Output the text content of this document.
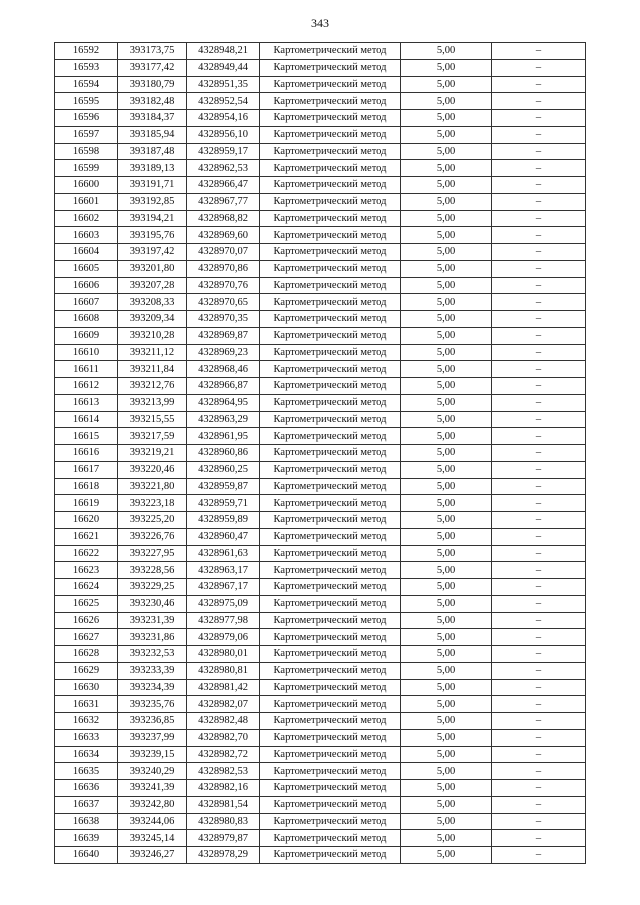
343
16592	393173,75	4328948,21	Картометрический метод	5,00	–
16593	393177,42	4328949,44	Картометрический метод	5,00	–
16594	393180,79	4328951,35	Картометрический метод	5,00	–
16595	393182,48	4328952,54	Картометрический метод	5,00	–
16596	393184,37	4328954,16	Картометрический метод	5,00	–
16597	393185,94	4328956,10	Картометрический метод	5,00	–
16598	393187,48	4328959,17	Картометрический метод	5,00	–
16599	393189,13	4328962,53	Картометрический метод	5,00	–
16600	393191,71	4328966,47	Картометрический метод	5,00	–
16601	393192,85	4328967,77	Картометрический метод	5,00	–
16602	393194,21	4328968,82	Картометрический метод	5,00	–
16603	393195,76	4328969,60	Картометрический метод	5,00	–
16604	393197,42	4328970,07	Картометрический метод	5,00	–
16605	393201,80	4328970,86	Картометрический метод	5,00	–
16606	393207,28	4328970,76	Картометрический метод	5,00	–
16607	393208,33	4328970,65	Картометрический метод	5,00	–
16608	393209,34	4328970,35	Картометрический метод	5,00	–
16609	393210,28	4328969,87	Картометрический метод	5,00	–
16610	393211,12	4328969,23	Картометрический метод	5,00	–
16611	393211,84	4328968,46	Картометрический метод	5,00	–
16612	393212,76	4328966,87	Картометрический метод	5,00	–
16613	393213,99	4328964,95	Картометрический метод	5,00	–
16614	393215,55	4328963,29	Картометрический метод	5,00	–
16615	393217,59	4328961,95	Картометрический метод	5,00	–
16616	393219,21	4328960,86	Картометрический метод	5,00	–
16617	393220,46	4328960,25	Картометрический метод	5,00	–
16618	393221,80	4328959,87	Картометрический метод	5,00	–
16619	393223,18	4328959,71	Картометрический метод	5,00	–
16620	393225,20	4328959,89	Картометрический метод	5,00	–
16621	393226,76	4328960,47	Картометрический метод	5,00	–
16622	393227,95	4328961,63	Картометрический метод	5,00	–
16623	393228,56	4328963,17	Картометрический метод	5,00	–
16624	393229,25	4328967,17	Картометрический метод	5,00	–
16625	393230,46	4328975,09	Картометрический метод	5,00	–
16626	393231,39	4328977,98	Картометрический метод	5,00	–
16627	393231,86	4328979,06	Картометрический метод	5,00	–
16628	393232,53	4328980,01	Картометрический метод	5,00	–
16629	393233,39	4328980,81	Картометрический метод	5,00	–
16630	393234,39	4328981,42	Картометрический метод	5,00	–
16631	393235,76	4328982,07	Картометрический метод	5,00	–
16632	393236,85	4328982,48	Картометрический метод	5,00	–
16633	393237,99	4328982,70	Картометрический метод	5,00	–
16634	393239,15	4328982,72	Картометрический метод	5,00	–
16635	393240,29	4328982,53	Картометрический метод	5,00	–
16636	393241,39	4328982,16	Картометрический метод	5,00	–
16637	393242,80	4328981,54	Картометрический метод	5,00	–
16638	393244,06	4328980,83	Картометрический метод	5,00	–
16639	393245,14	4328979,87	Картометрический метод	5,00	–
16640	393246,27	4328978,29	Картометрический метод	5,00	–
